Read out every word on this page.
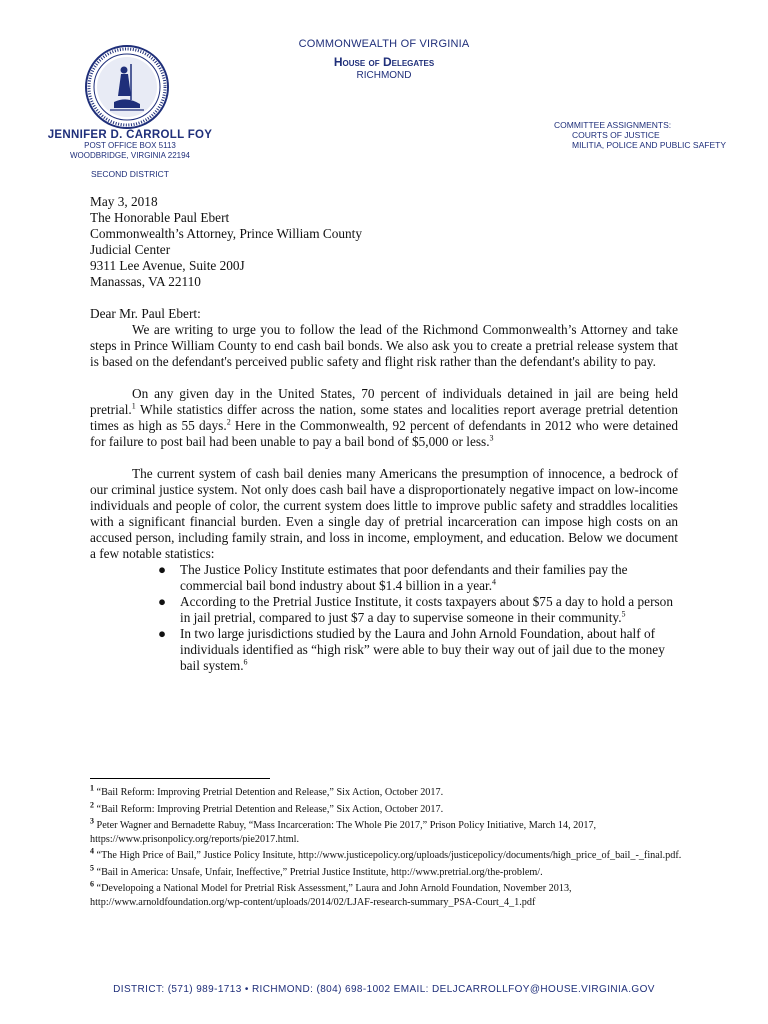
COMMONWEALTH OF VIRGINIA
House of Delegates
RICHMOND
JENNIFER D. CARROLL FOY
POST OFFICE BOX 5113
WOODBRIDGE, VIRGINIA 22194
SECOND DISTRICT
COMMITTEE ASSIGNMENTS:
COURTS OF JUSTICE
MILITIA, POLICE AND PUBLIC SAFETY

May 3, 2018

The Honorable Paul Ebert
Commonwealth’s Attorney, Prince William County
Judicial Center
9311 Lee Avenue, Suite 200J
Manassas, VA 22110

Dear Mr. Paul Ebert:

We are writing to urge you to follow the lead of the Richmond Commonwealth’s Attorney and take steps in Prince William County to end cash bail bonds. We also ask you to create a pretrial release system that is based on the defendant's perceived public safety and flight risk rather than the defendant's ability to pay.

On any given day in the United States, 70 percent of individuals detained in jail are being held pretrial.$^1$ While statistics differ across the nation, some states and localities report average pretrial detention times as high as 55 days.$^2$ Here in the Commonwealth, 92 percent of defendants in 2012 who were detained for failure to post bail had been unable to pay a bail bond of $5,000 or less.$^3$

The current system of cash bail denies many Americans the presumption of innocence, a bedrock of our criminal justice system. Not only does cash bail have a disproportionately negative impact on low-income individuals and people of color, the current system does little to improve public safety and straddles localities with a significant financial burden. Even a single day of pretrial incarceration can impose high costs on an accused person, including family strain, and loss in income, employment, and education. Below we document a few notable statistics:

● The Justice Policy Institute estimates that poor defendants and their families pay the commercial bail bond industry about $1.4 billion in a year.$^4$
● According to the Pretrial Justice Institute, it costs taxpayers about $75 a day to hold a person in jail pretrial, compared to just $7 a day to supervise someone in their community.$^5$
● In two large jurisdictions studied by the Laura and John Arnold Foundation, about half of individuals identified as “high risk” were able to buy their way out of jail due to the money bail system.$^6$
$^1$ “Bail Reform: Improving Pretrial Detention and Release,” Six Action, October 2017.
$^2$ “Bail Reform: Improving Pretrial Detention and Release,” Six Action, October 2017.
$^3$ Peter Wagner and Bernadette Rabuy, “Mass Incarceration: The Whole Pie 2017,” Prison Policy Initiative, March 14, 2017, https://www.prisonpolicy.org/reports/pie2017.html.
$^4$ “The High Price of Bail,” Justice Policy Insitute, http://www.justicepolicy.org/uploads/justicepolicy/documents/high_price_of_bail_-_final.pdf.
$^5$ “Bail in America: Unsafe, Unfair, Ineffective,” Pretrial Justice Institute, http://www.pretrial.org/the-problem/.
$^6$ “Developoing a National Model for Pretrial Risk Assessment,” Laura and John Arnold Foundation, November 2013, http://www.arnoldfoundation.org/wp-content/uploads/2014/02/LJAF-research-summary_PSA-Court_4_1.pdf
DISTRICT: (571) 989-1713 • RICHMOND: (804) 698-1002 EMAIL: DELJCARROLLFOY@HOUSE.VIRGINIA.GOV
